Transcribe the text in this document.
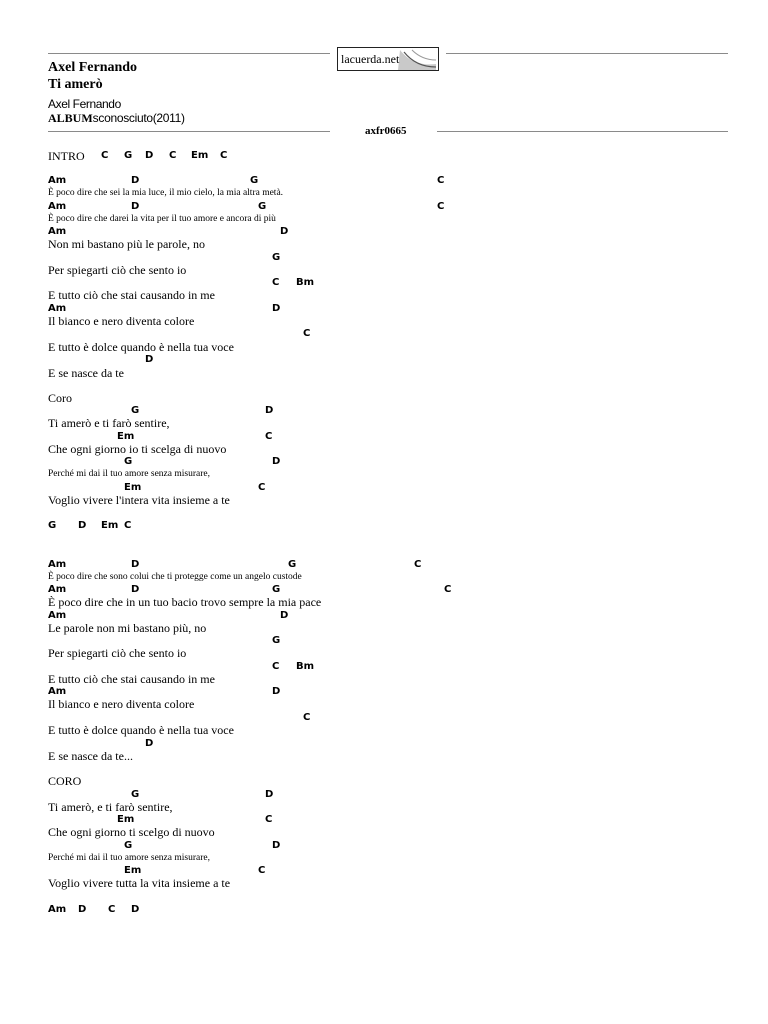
lacuerda.net
Axel Fernando
Ti amerò
Axel Fernando
ALBUMsconosciuto(2011)
axfr0665
INTRO C G D C Em C
Am	D	G	C
È poco dire che sei la mia luce, il mio cielo, la mia altra metà.
Am	D	G	C
È poco dire che darei la vita per il tuo amore e ancora di più
Am	D
Non mi bastano più le parole, no
G
Per spiegarti ciò che sento io
C Bm
E tutto ciò che stai causando in me
Am	D
Il bianco e nero diventa colore
C
E tutto è dolce quando è nella tua voce
D
E se nasce da te
Coro
G	D
Ti amerò e ti farò sentire,
Em	C
Che ogni giorno io ti scelga di nuovo
G	D
Perché mi dai il tuo amore senza misurare,
Em	C
Voglio vivere l'intera vita insieme a te
G D Em C
Am	D	G	C
È poco dire che sono colui che ti protegge come un angelo custode
Am	D	G	C
È poco dire che in un tuo bacio trovo sempre la mia pace
Am	D
Le parole non mi bastano più, no
G
Per spiegarti ciò che sento io
C Bm
E tutto ciò che stai causando in me
Am	D
Il bianco e nero diventa colore
C
E tutto è dolce quando è nella tua voce
D
E se nasce da te...
CORO
G	D
Ti amerò, e ti farò sentire,
Em	C
Che ogni giorno ti scelgo di nuovo
G	D
Perché mi dai il tuo amore senza misurare,
Em	C
Voglio vivere tutta la vita insieme a te
Am D C D
